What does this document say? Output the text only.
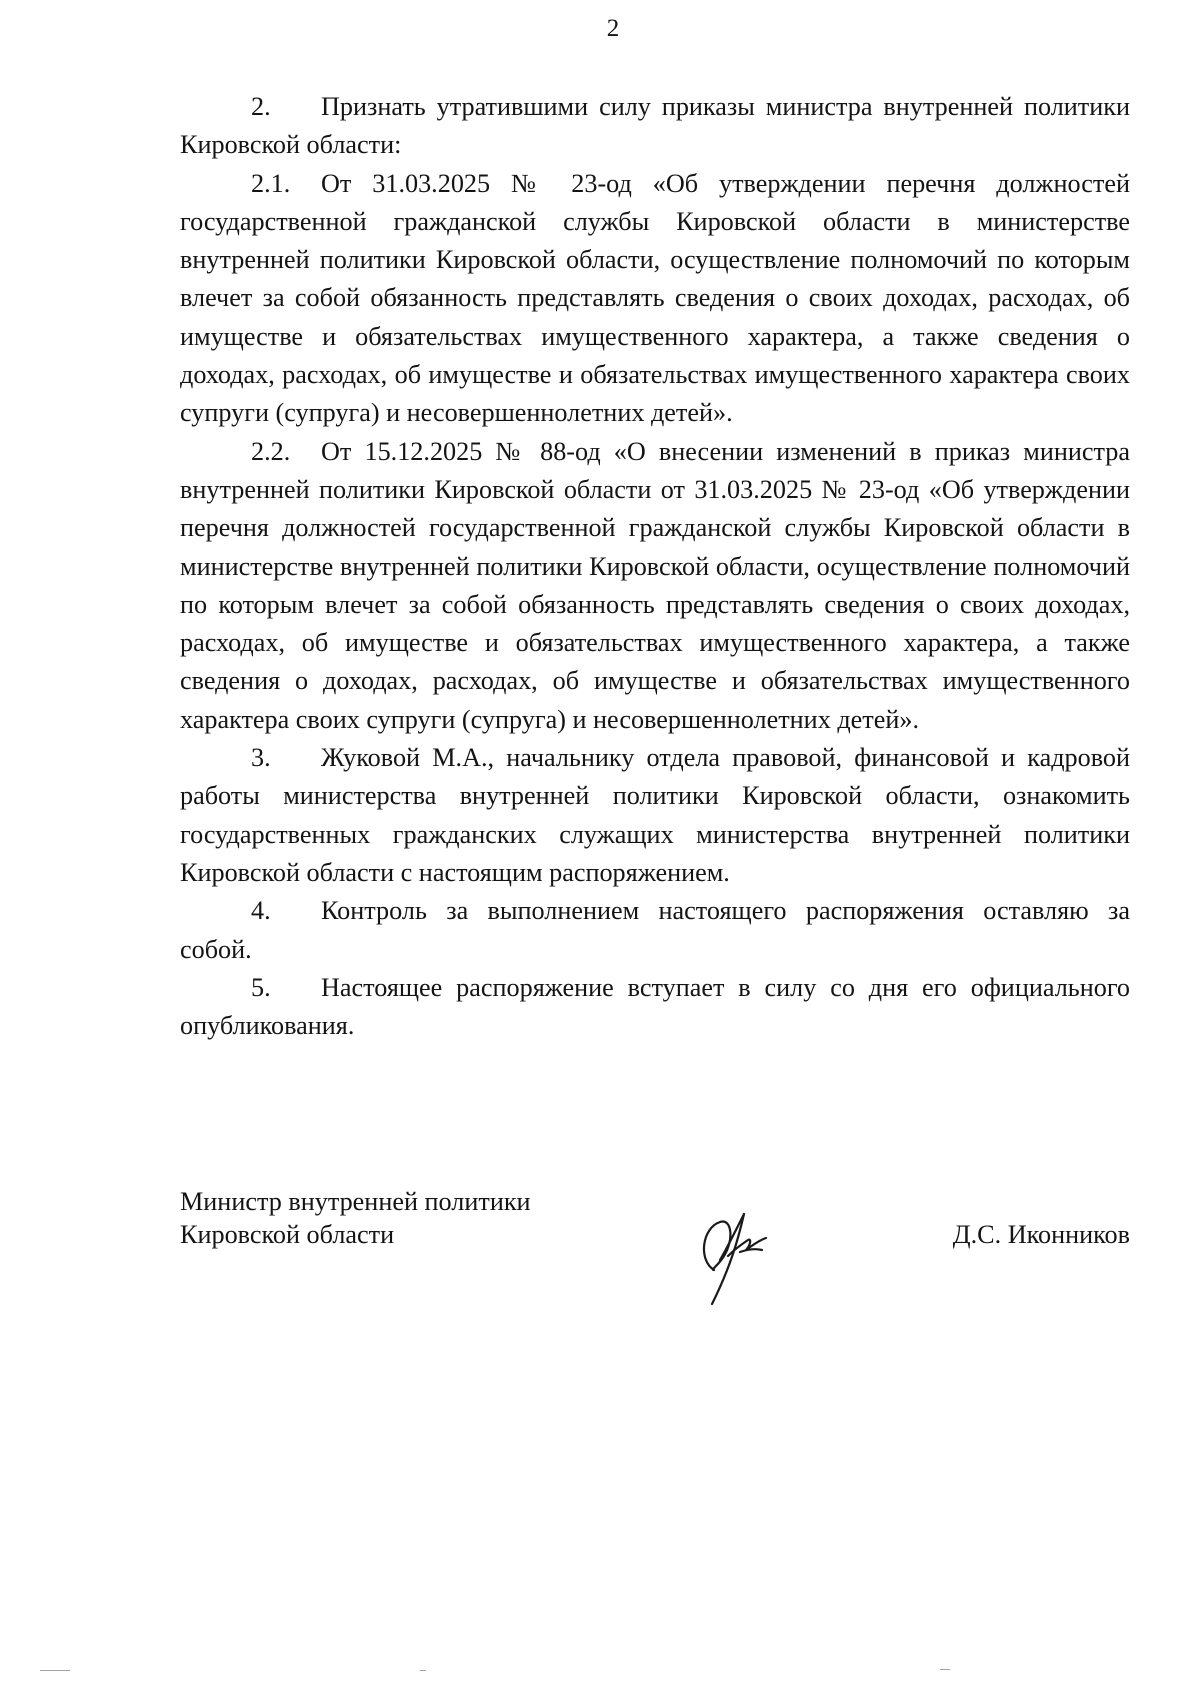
2

2. Признать утратившими силу приказы министра внутренней политики Кировской области:

2.1. От 31.03.2025 № 23-од «Об утверждении перечня должностей государственной гражданской службы Кировской области в министерстве внутренней политики Кировской области, осуществление полномочий по которым влечет за собой обязанность представлять сведения о своих доходах, расходах, об имуществе и обязательствах имущественного характера, а также сведения о доходах, расходах, об имуществе и обязательствах имущественного характера своих супруги (супруга) и несовершеннолетних детей».

2.2. От 15.12.2025 № 88-од «О внесении изменений в приказ министра внутренней политики Кировской области от 31.03.2025 № 23-од «Об утверждении перечня должностей государственной гражданской службы Кировской области в министерстве внутренней политики Кировской области, осуществление полномочий по которым влечет за собой обязанность представлять сведения о своих доходах, расходах, об имуществе и обязательствах имущественного характера, а также сведения о доходах, расходах, об имуществе и обязательствах имущественного характера своих супруги (супруга) и несовершеннолетних детей».

3. Жуковой М.А., начальнику отдела правовой, финансовой и кадровой работы министерства внутренней политики Кировской области, ознакомить государственных гражданских служащих министерства внутренней политики Кировской области с настоящим распоряжением.

4. Контроль за выполнением настоящего распоряжения оставляю за собой.

5. Настоящее распоряжение вступает в силу со дня его официального опубликования.

Министр внутренней политики
Кировской области	Д.С. Иконников
